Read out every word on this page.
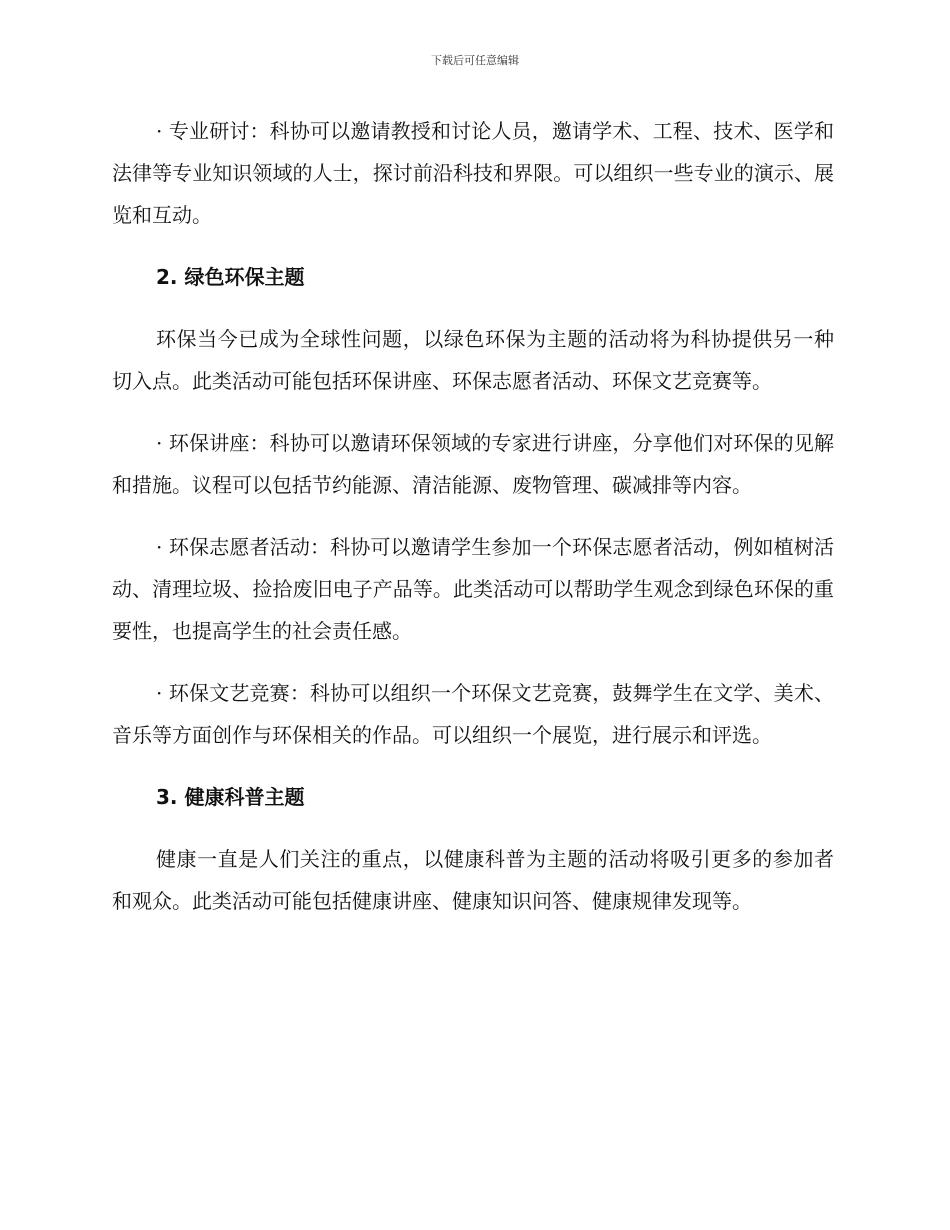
下载后可任意编辑

· 专业研讨：科协可以邀请教授和讨论人员，邀请学术、工程、技术、医学和法律等专业知识领域的人士，探讨前沿科技和界限。可以组织一些专业的演示、展览和互动。

2. 绿色环保主题

环保当今已成为全球性问题，以绿色环保为主题的活动将为科协提供另一种切入点。此类活动可能包括环保讲座、环保志愿者活动、环保文艺竞赛等。

· 环保讲座：科协可以邀请环保领域的专家进行讲座，分享他们对环保的见解和措施。议程可以包括节约能源、清洁能源、废物管理、碳减排等内容。

· 环保志愿者活动：科协可以邀请学生参加一个环保志愿者活动，例如植树活动、清理垃圾、捡拾废旧电子产品等。此类活动可以帮助学生观念到绿色环保的重要性，也提高学生的社会责任感。

· 环保文艺竞赛：科协可以组织一个环保文艺竞赛，鼓舞学生在文学、美术、音乐等方面创作与环保相关的作品。可以组织一个展览，进行展示和评选。

3. 健康科普主题

健康一直是人们关注的重点，以健康科普为主题的活动将吸引更多的参加者和观众。此类活动可能包括健康讲座、健康知识问答、健康规律发现等。
